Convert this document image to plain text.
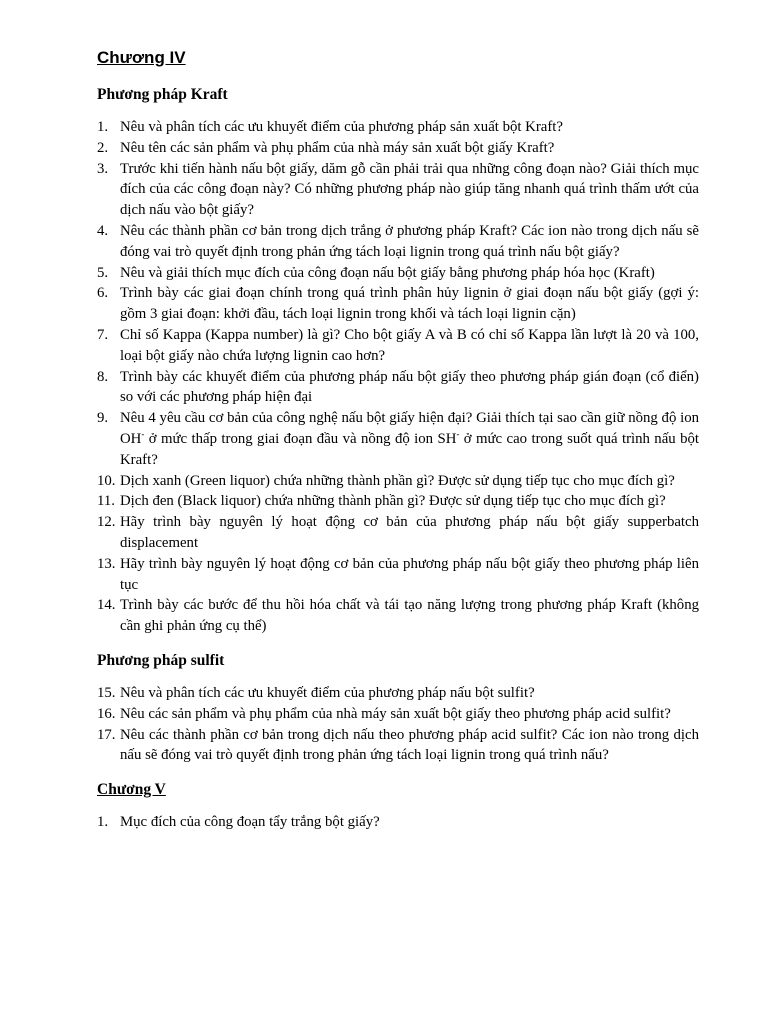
Chương IV
Phương pháp Kraft
1. Nêu và phân tích các ưu khuyết điểm của phương pháp sản xuất bột Kraft?
2. Nêu tên các sản phẩm và phụ phẩm của nhà máy sản xuất bột giấy Kraft?
3. Trước khi tiến hành nấu bột giấy, dăm gỗ cần phải trải qua những công đoạn nào? Giải thích mục đích của các công đoạn này? Có những phương pháp nào giúp tăng nhanh quá trình thấm ướt của dịch nấu vào bột giấy?
4. Nêu các thành phần cơ bản trong dịch trắng ở phương pháp Kraft? Các ion nào trong dịch nấu sẽ đóng vai trò quyết định trong phản ứng tách loại lignin trong quá trình nấu bột giấy?
5. Nêu và giải thích mục đích của công đoạn nấu bột giấy bằng phương pháp hóa học (Kraft)
6. Trình bày các giai đoạn chính trong quá trình phân hủy lignin ở giai đoạn nấu bột giấy (gợi ý: gồm 3 giai đoạn: khởi đầu, tách loại lignin trong khối và tách loại lignin cặn)
7. Chỉ số Kappa (Kappa number) là gì? Cho bột giấy A và B có chỉ số Kappa lần lượt là 20 và 100, loại bột giấy nào chứa lượng lignin cao hơn?
8. Trình bày các khuyết điểm của phương pháp nấu bột giấy theo phương pháp gián đoạn (cổ điển) so với các phương pháp hiện đại
9. Nêu 4 yêu cầu cơ bản của công nghệ nấu bột giấy hiện đại? Giải thích tại sao cần giữ nồng độ ion OH- ở mức thấp trong giai đoạn đầu và nồng độ ion SH- ở mức cao trong suốt quá trình nấu bột Kraft?
10. Dịch xanh (Green liquor) chứa những thành phần gì? Được sử dụng tiếp tục cho mục đích gì?
11. Dịch đen (Black liquor) chứa những thành phần gì? Được sử dụng tiếp tục cho mục đích gì?
12. Hãy trình bày nguyên lý hoạt động cơ bản của phương pháp nấu bột giấy supperbatch displacement
13. Hãy trình bày nguyên lý hoạt động cơ bản của phương pháp nấu bột giấy theo phương pháp liên tục
14. Trình bày các bước để thu hồi hóa chất và tái tạo năng lượng trong phương pháp Kraft (không cần ghi phản ứng cụ thể)
Phương pháp sulfit
15. Nêu và phân tích các ưu khuyết điểm của phương pháp nấu bột sulfit?
16. Nêu các sản phẩm và phụ phẩm của nhà máy sản xuất bột giấy theo phương pháp acid sulfit?
17. Nêu các thành phần cơ bản trong dịch nấu theo phương pháp acid sulfit? Các ion nào trong dịch nấu sẽ đóng vai trò quyết định trong phản ứng tách loại lignin trong quá trình nấu?
Chương V
1. Mục đích của công đoạn tẩy trắng bột giấy?
